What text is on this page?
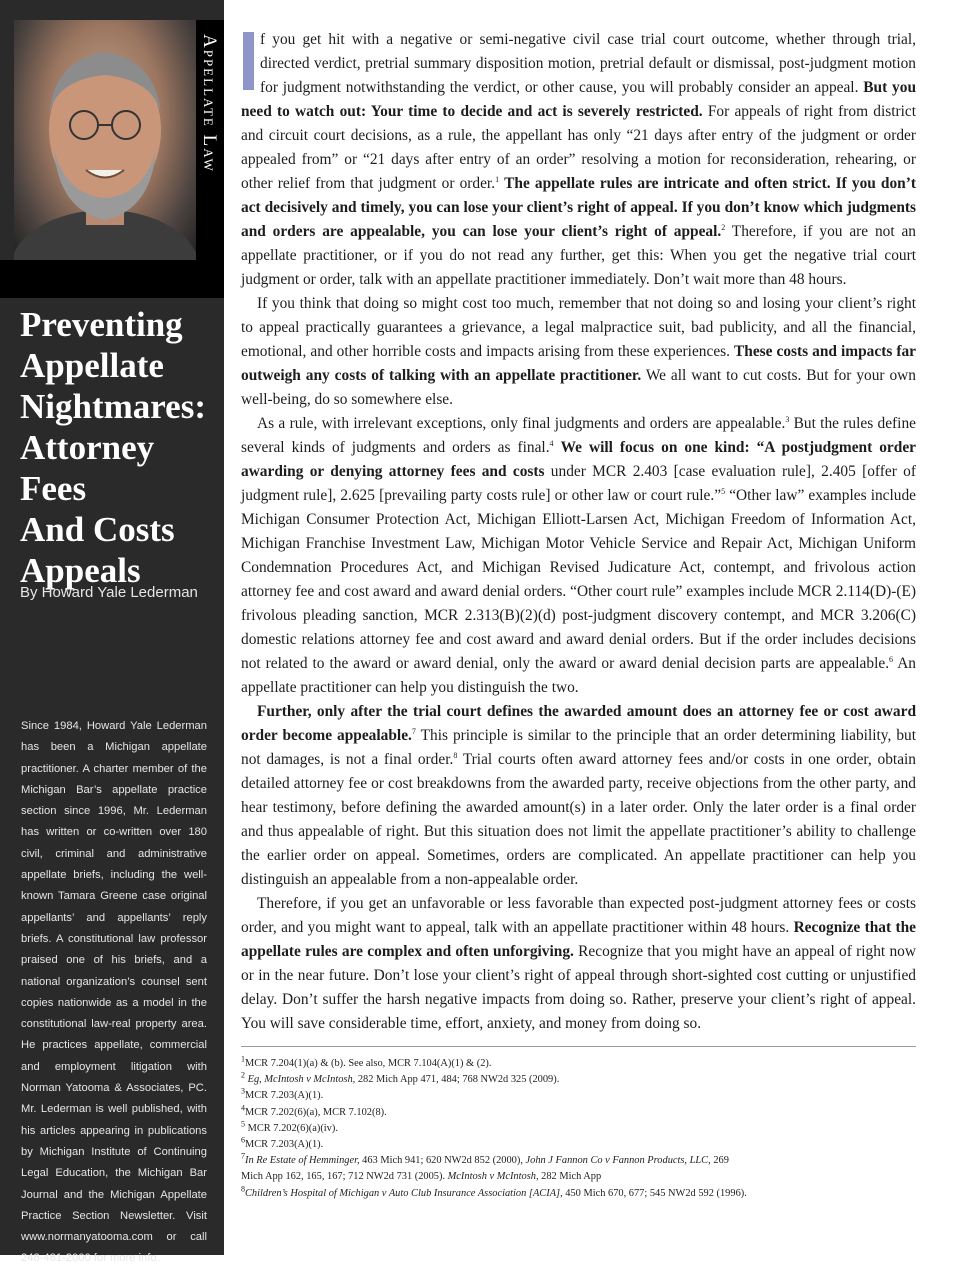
Appellate Law
Preventing
Appellate
Nightmares:
Attorney Fees
And Costs
Appeals
By Howard Yale Lederman
Since 1984, Howard Yale Lederman has been a Michigan appellate practitioner. A charter member of the Michigan Bar’s appellate practice section since 1996, Mr. Lederman has written or co-written over 180 civil, criminal and administrative appellate briefs, including the well-known Tamara Greene case original appellants’ and appellants’ reply briefs. A constitutional law professor praised one of his briefs, and a national organization’s counsel sent copies nationwide as a model in the constitutional law-real property area. He practices appellate, commercial and employment litigation with Norman Yatooma & Associates, PC. Mr. Lederman is well published, with his articles appearing in publications by Michigan Institute of Continuing Legal Education, the Michigan Bar Journal and the Michigan Appellate Practice Section Newsletter. Visit www.normanyatooma.com or call 248-481-2000 for more info.

f you get hit with a negative or semi-negative civil case trial court outcome, whether through trial, directed verdict, pretrial summary disposition motion, pretrial default or dismissal, post-judgment motion for judgment notwithstanding the verdict, or other cause, you will probably consider an appeal. But you need to watch out: Your time to decide and act is severely restricted. For appeals of right from district and circuit court decisions, as a rule, the appellant has only “21 days after entry of the judgment or order appealed from” or “21 days after entry of an order” resolving a motion for reconsideration, rehearing, or other relief from that judgment or order.$^1$ The appellate rules are intricate and often strict. If you don’t act decisively and timely, you can lose your client’s right of appeal. If you don’t know which judgments and orders are appealable, you can lose your client’s right of appeal.$^2$ Therefore, if you are not an appellate practitioner, or if you do not read any further, get this: When you get the negative trial court judgment or order, talk with an appellate practitioner immediately. Don’t wait more than 48 hours.

If you think that doing so might cost too much, remember that not doing so and losing your client’s right to appeal practically guarantees a grievance, a legal malpractice suit, bad publicity, and all the financial, emotional, and other horrible costs and impacts arising from these experiences. These costs and impacts far outweigh any costs of talking with an appellate practitioner. We all want to cut costs. But for your own well-being, do so somewhere else.

As a rule, with irrelevant exceptions, only final judgments and orders are appealable.$^3$ But the rules define several kinds of judgments and orders as final.$^4$ We will focus on one kind: “A postjudgment order awarding or denying attorney fees and costs under MCR 2.403 [case evaluation rule], 2.405 [offer of judgment rule], 2.625 [prevailing party costs rule] or other law or court rule.”$^5$ “Other law” examples include Michigan Consumer Protection Act, Michigan Elliott-Larsen Act, Michigan Freedom of Information Act, Michigan Franchise Investment Law, Michigan Motor Vehicle Service and Repair Act, Michigan Uniform Condemnation Procedures Act, and Michigan Revised Judicature Act, contempt, and frivolous action attorney fee and cost award and award denial orders. “Other court rule” examples include MCR 2.114(D)-(E) frivolous pleading sanction, MCR 2.313(B)(2)(d) post-judgment discovery contempt, and MCR 3.206(C) domestic relations attorney fee and cost award and award denial orders. But if the order includes decisions not related to the award or award denial, only the award or award denial decision parts are appealable.$^6$ An appellate practitioner can help you distinguish the two.

Further, only after the trial court defines the awarded amount does an attorney fee or cost award order become appealable.$^7$ This principle is similar to the principle that an order determining liability, but not damages, is not a final order.$^8$ Trial courts often award attorney fees and/or costs in one order, obtain detailed attorney fee or cost breakdowns from the awarded party, receive objections from the other party, and hear testimony, before defining the awarded amount(s) in a later order. Only the later order is a final order and thus appealable of right. But this situation does not limit the appellate practitioner’s ability to challenge the earlier order on appeal. Sometimes, orders are complicated. An appellate practitioner can help you distinguish an appealable from a non-appealable order.

Therefore, if you get an unfavorable or less favorable than expected post-judgment attorney fees or costs order, and you might want to appeal, talk with an appellate practitioner within 48 hours. Recognize that the appellate rules are complex and often unforgiving. Recognize that you might have an appeal of right now or in the near future. Don’t lose your client’s right of appeal through short-sighted cost cutting or unjustified delay. Don’t suffer the harsh negative impacts from doing so. Rather, preserve your client’s right of appeal. You will save considerable time, effort, anxiety, and money from doing so.

$^1$MCR 7.204(1)(a) & (b). See also, MCR 7.104(A)(1) & (2).
$^2$ Eg, McIntosh v McIntosh, 282 Mich App 471, 484; 768 NW2d 325 (2009).
$^3$MCR 7.203(A)(1).
$^4$MCR 7.202(6)(a), MCR 7.102(8).
$^5$ MCR 7.202(6)(a)(iv).
$^6$MCR 7.203(A)(1).
$^7$In Re Estate of Hemminger, 463 Mich 941; 620 NW2d 852 (2000), John J Fannon Co v Fannon Products, LLC, 269
Mich App 162, 165, 167; 712 NW2d 731 (2005). McIntosh v McIntosh, 282 Mich App
$^8$Children’s Hospital of Michigan v Auto Club Insurance Association [ACIA], 450 Mich 670, 677; 545 NW2d 592 (1996).
